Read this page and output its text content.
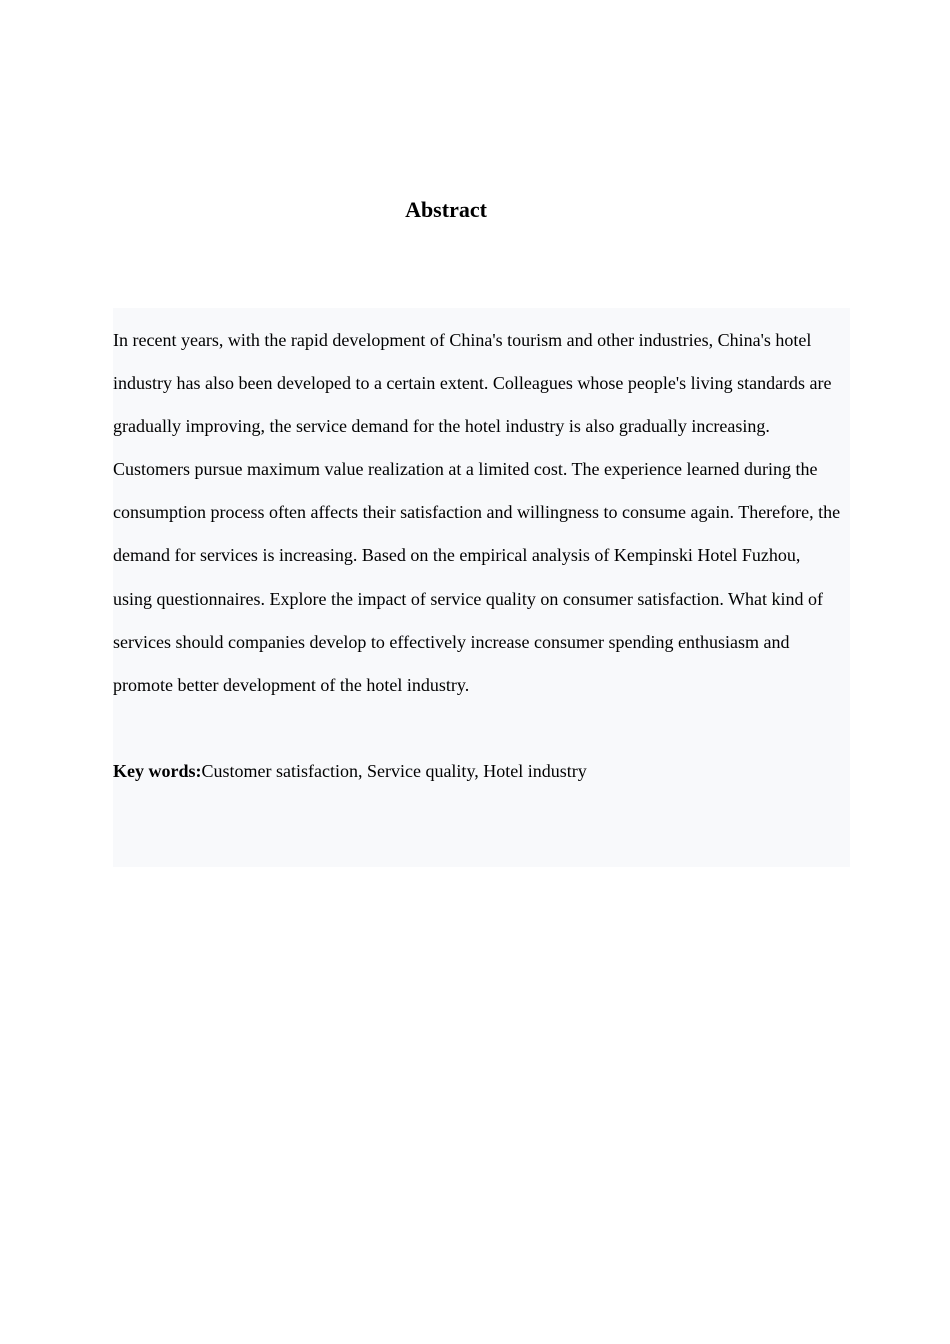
Abstract

In recent years, with the rapid development of China's tourism and other industries, China's hotel industry has also been developed to a certain extent. Colleagues whose people's living standards are gradually improving, the service demand for the hotel industry is also gradually increasing. Customers pursue maximum value realization at a limited cost. The experience learned during the consumption process often affects their satisfaction and willingness to consume again. Therefore, the demand for services is increasing. Based on the empirical analysis of Kempinski Hotel Fuzhou, using questionnaires. Explore the impact of service quality on consumer satisfaction. What kind of services should companies develop to effectively increase consumer spending enthusiasm and promote better development of the hotel industry.

Key words:Customer satisfaction, Service quality, Hotel industry
